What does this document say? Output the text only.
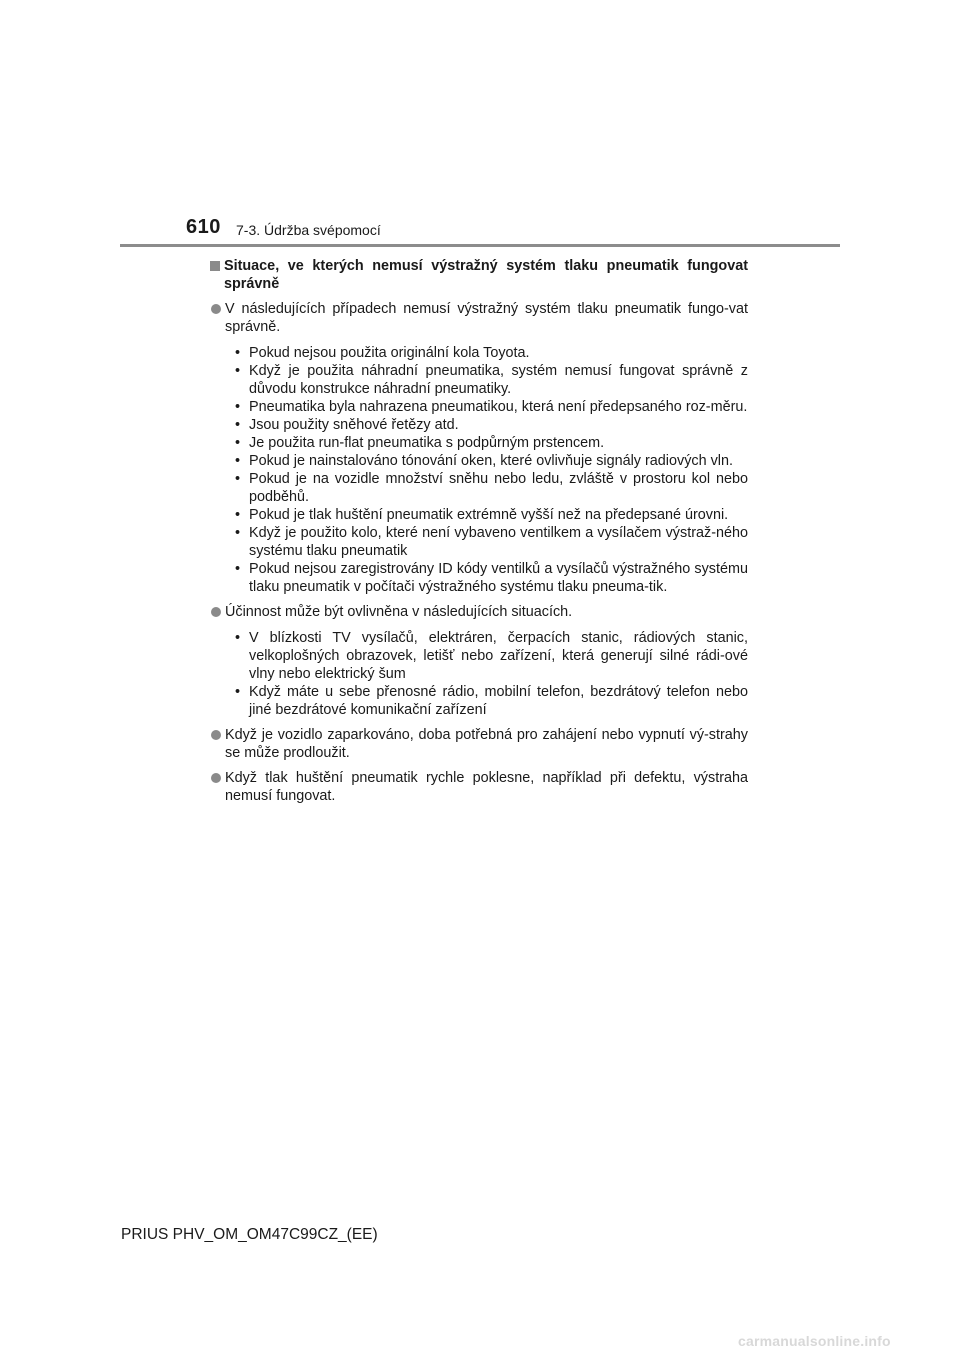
610 7-3. Údržba svépomocí
Situace, ve kterých nemusí výstražný systém tlaku pneumatik fungovat správně
V následujících případech nemusí výstražný systém tlaku pneumatik fungo-vat správně.
• Pokud nejsou použita originální kola Toyota.
• Když je použita náhradní pneumatika, systém nemusí fungovat správně z důvodu konstrukce náhradní pneumatiky.
• Pneumatika byla nahrazena pneumatikou, která není předepsaného roz-měru.
• Jsou použity sněhové řetězy atd.
• Je použita run-flat pneumatika s podpůrným prstencem.
• Pokud je nainstalováno tónování oken, které ovlivňuje signály radiových vln.
• Pokud je na vozidle množství sněhu nebo ledu, zvláště v prostoru kol nebo podběhů.
• Pokud je tlak huštění pneumatik extrémně vyšší než na předepsané úrovni.
• Když je použito kolo, které není vybaveno ventilkem a vysílačem výstraž-ného systému tlaku pneumatik
• Pokud nejsou zaregistrovány ID kódy ventilků a vysílačů výstražného systému tlaku pneumatik v počítači výstražného systému tlaku pneuma-tik.
Účinnost může být ovlivněna v následujících situacích.
• V blízkosti TV vysílačů, elektráren, čerpacích stanic, rádiových stanic, velkoplošných obrazovek, letišť nebo zařízení, která generují silné rádi-ové vlny nebo elektrický šum
• Když máte u sebe přenosné rádio, mobilní telefon, bezdrátový telefon nebo jiné bezdrátové komunikační zařízení
Když je vozidlo zaparkováno, doba potřebná pro zahájení nebo vypnutí vý-strahy se může prodloužit.
Když tlak huštění pneumatik rychle poklesne, například při defektu, výstraha nemusí fungovat.
PRIUS PHV_OM_OM47C99CZ_(EE)
carmanualsonline.info
